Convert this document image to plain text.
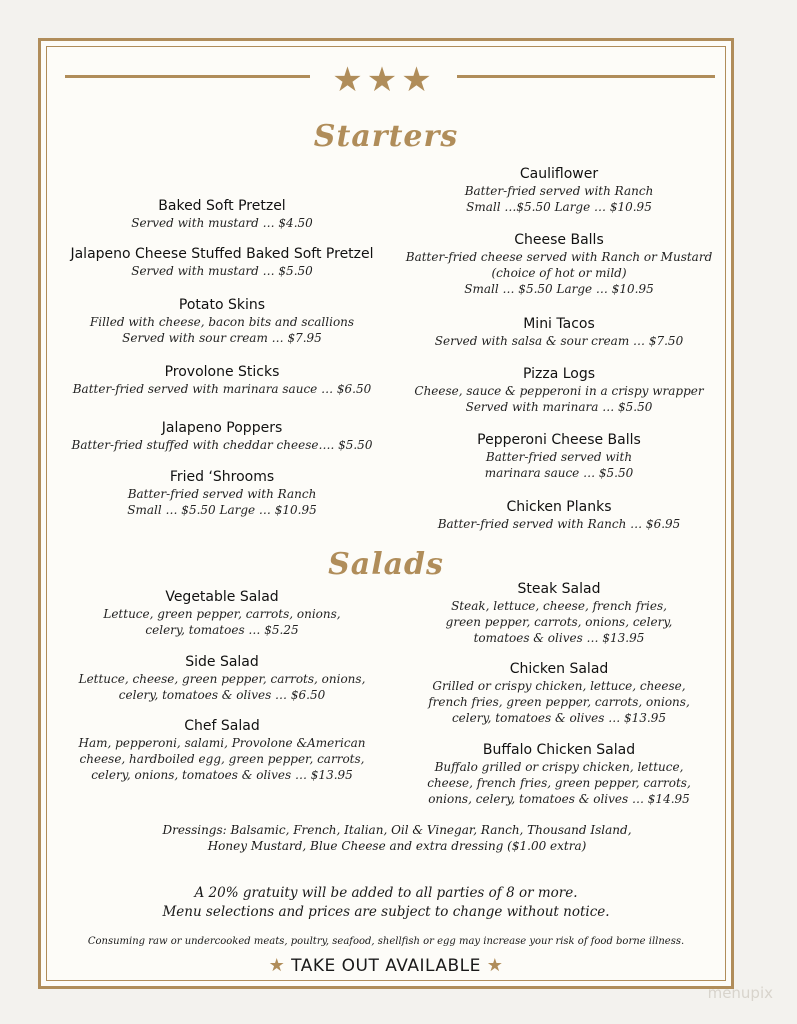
★★★
Starters
Baked Soft Pretzel
Served with mustard … $4.50
Jalapeno Cheese Stuffed Baked Soft Pretzel
Served with mustard … $5.50
Potato Skins
Filled with cheese, bacon bits and scallions
Served with sour cream … $7.95
Provolone Sticks
Batter-fried served with marinara sauce … $6.50
Jalapeno Poppers
Batter-fried stuffed with cheddar cheese…. $5.50
Fried ‘Shrooms
Batter-fried served with Ranch
Small … $5.50 Large … $10.95
Cauliflower
Batter-fried served with Ranch
Small …$5.50 Large … $10.95
Cheese Balls
Batter-fried cheese served with Ranch or Mustard
(choice of hot or mild)
Small … $5.50 Large … $10.95
Mini Tacos
Served with salsa & sour cream … $7.50
Pizza Logs
Cheese, sauce & pepperoni in a crispy wrapper
Served with marinara … $5.50
Pepperoni Cheese Balls
Batter-fried served with
marinara sauce … $5.50
Chicken Planks
Batter-fried served with Ranch … $6.95
Salads
Vegetable Salad
Lettuce, green pepper, carrots, onions,
celery, tomatoes … $5.25
Side Salad
Lettuce, cheese, green pepper, carrots, onions,
celery, tomatoes & olives … $6.50
Chef Salad
Ham, pepperoni, salami, Provolone &American
cheese, hardboiled egg, green pepper, carrots,
celery, onions, tomatoes & olives … $13.95
Steak Salad
Steak, lettuce, cheese, french fries,
green pepper, carrots, onions, celery,
tomatoes & olives … $13.95
Chicken Salad
Grilled or crispy chicken, lettuce, cheese,
french fries, green pepper, carrots, onions,
celery, tomatoes & olives … $13.95
Buffalo Chicken Salad
Buffalo grilled or crispy chicken, lettuce,
cheese, french fries, green pepper, carrots,
onions, celery, tomatoes & olives … $14.95
Dressings: Balsamic, French, Italian, Oil & Vinegar, Ranch, Thousand Island,
Honey Mustard, Blue Cheese and extra dressing ($1.00 extra)
A 20% gratuity will be added to all parties of 8 or more.
Menu selections and prices are subject to change without notice.
Consuming raw or undercooked meats, poultry, seafood, shellfish or egg may increase your risk of food borne illness.
★ TAKE OUT AVAILABLE ★
menupix
